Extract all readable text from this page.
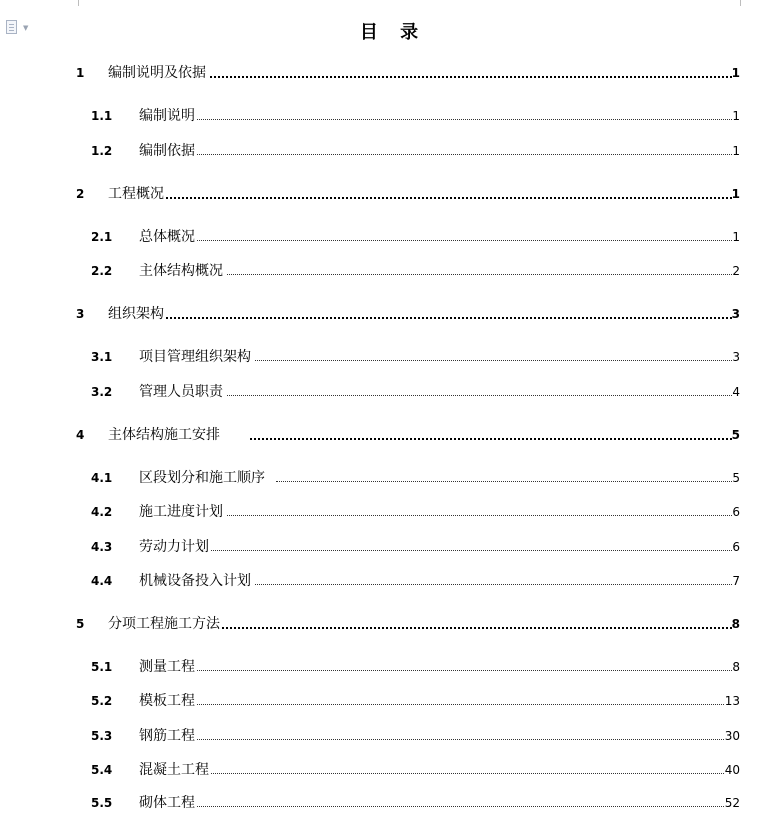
▼	目 录
1 编制说明及依据	1
1.1 编制说明	1
1.2 编制依据	1
2 工程概况	1
2.1 总体概况	1
2.2 主体结构概况	2
3 组织架构	3
3.1 项目管理组织架构	3
3.2 管理人员职责	4
4 主体结构施工安排	5
4.1 区段划分和施工顺序	5
4.2 施工进度计划	6
4.3 劳动力计划	6
4.4 机械设备投入计划	7
5 分项工程施工方法	8
5.1 测量工程	8
5.2 模板工程	13
5.3 钢筋工程	30
5.4 混凝土工程	40
5.5 砌体工程	52
